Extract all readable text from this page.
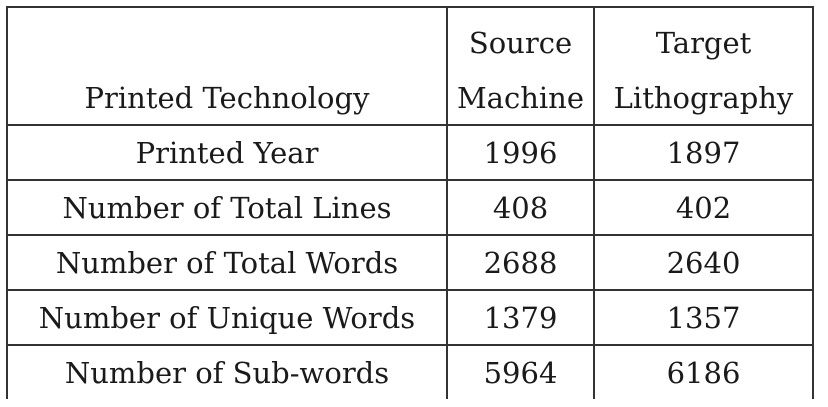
	Source	Target
Printed Technology	Machine	Lithography
Printed Year	1996	1897
Number of Total Lines	408	402
Number of Total Words	2688	2640
Number of Unique Words	1379	1357
Number of Sub-words	5964	6186
